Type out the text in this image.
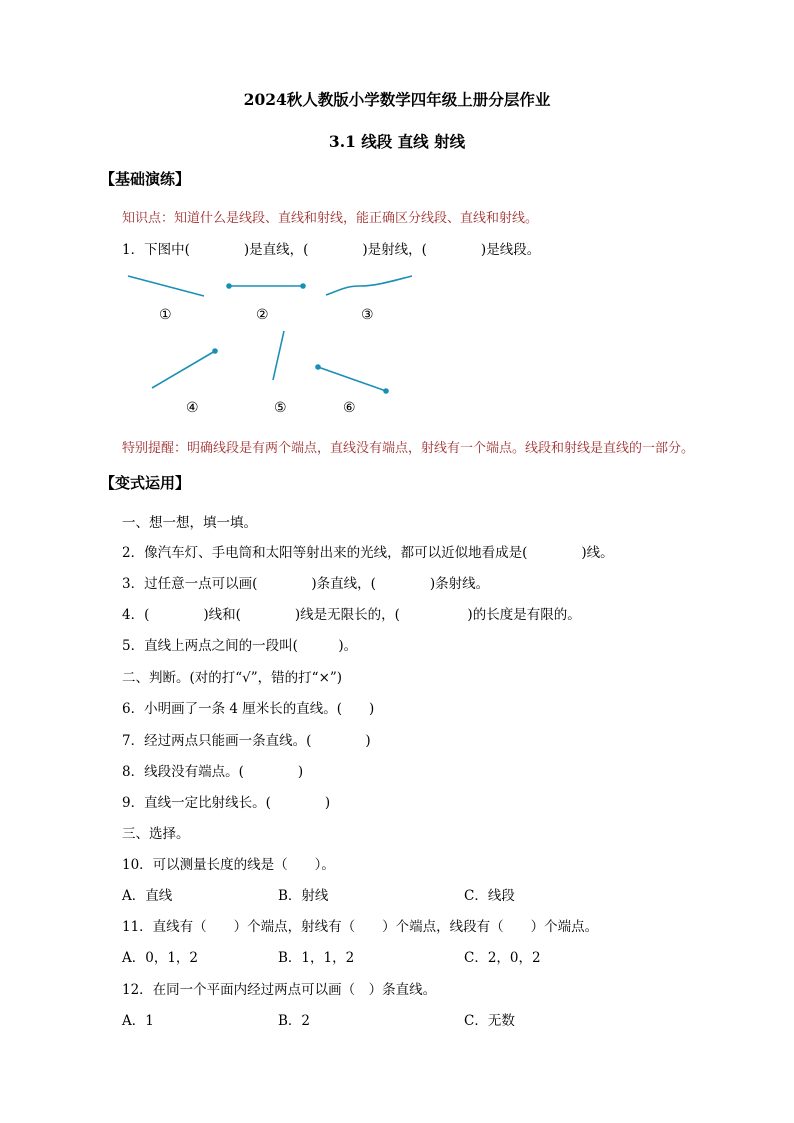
2024秋人教版小学数学四年级上册分层作业
3.1 线段 直线 射线
【基础演练】
知识点：知道什么是线段、直线和射线，能正确区分线段、直线和射线。
1．下图中(　　　　)是直线，(　　　　)是射线，(　　　　)是线段。
①	②	③
④	⑤	⑥
特别提醒：明确线段是有两个端点，直线没有端点，射线有一个端点。线段和射线是直线的一部分。
【变式运用】
一、想一想，填一填。
2．像汽车灯、手电筒和太阳等射出来的光线，都可以近似地看成是(　　　　)线。
3．过任意一点可以画(　　　　)条直线，(　　　　)条射线。
4．(　　　　)线和(　　　　)线是无限长的，(　　　　　)的长度是有限的。
5．直线上两点之间的一段叫(　　　)。
二、判断。(对的打“√”，错的打“×”)
6．小明画了一条 4 厘米长的直线。(　　)
7．经过两点只能画一条直线。(　　　　)
8．线段没有端点。(　　　　)
9．直线一定比射线长。(　　　　)
三、选择。
10．可以测量长度的线是（　　）。
A．直线	B．射线	C．线段
11．直线有（　　）个端点，射线有（　　）个端点，线段有（　　）个端点。
A．0，1，2	B．1，1，2	C．2，0，2
12．在同一个平面内经过两点可以画（　）条直线。
A．1	B．2	C．无数
